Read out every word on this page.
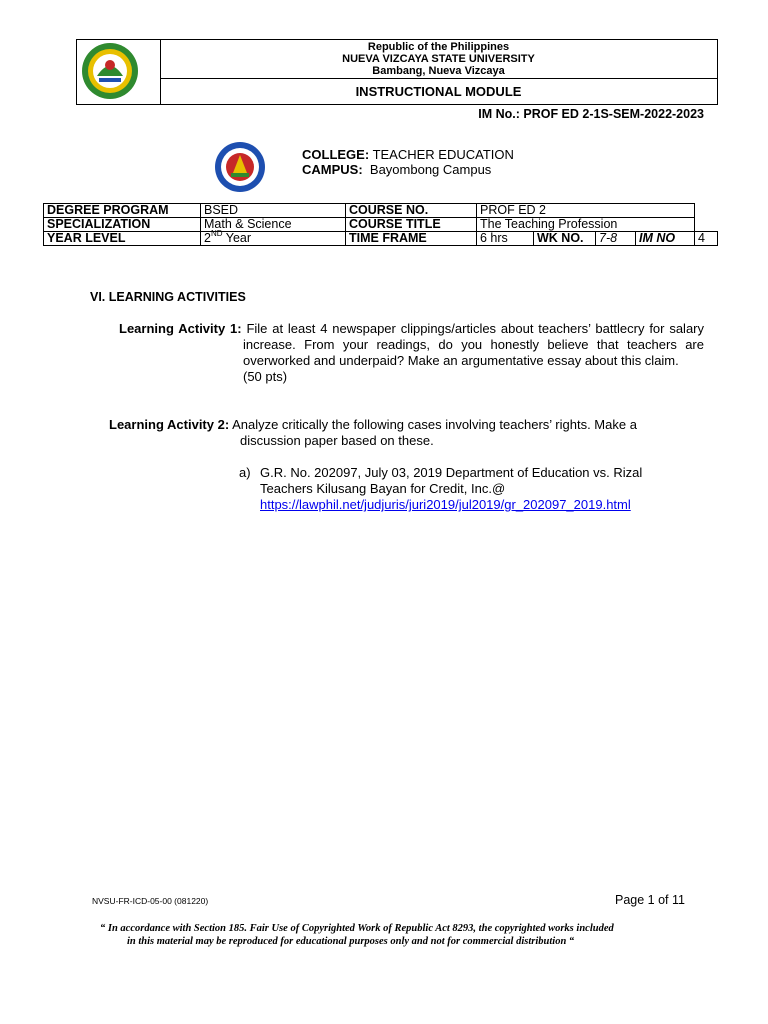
Republic of the Philippines
NUEVA VIZCAYA STATE UNIVERSITY
Bambang, Nueva Vizcaya
INSTRUCTIONAL MODULE
IM No.: PROF ED 2-1S-SEM-2022-2023
COLLEGE: TEACHER EDUCATION
CAMPUS: Bayombong Campus
DEGREE PROGRAM	BSED	COURSE NO.	PROF ED 2				
SPECIALIZATION	Math & Science	COURSE TITLE	The Teaching Profession				
YEAR LEVEL	2ND Year	TIME FRAME	6 hrs	WK NO.	7-8	IM NO	4
VI. LEARNING ACTIVITIES
Learning Activity 1: File at least 4 newspaper clippings/articles about teachers’ battlecry for salary increase. From your readings, do you honestly believe that teachers are overworked and underpaid? Make an argumentative essay about this claim.
(50 pts)
Learning Activity 2: Analyze critically the following cases involving teachers’ rights. Make a
discussion paper based on these.
a) G.R. No. 202097, July 03, 2019 Department of Education vs. Rizal
Teachers Kilusang Bayan for Credit, Inc.@
https://lawphil.net/judjuris/juri2019/jul2019/gr_202097_2019.html
NVSU-FR-ICD-05-00 (081220)	Page 1 of 11
“ In accordance with Section 185. Fair Use of Copyrighted Work of Republic Act 8293, the copyrighted works included
in this material may be reproduced for educational purposes only and not for commercial distribution “
